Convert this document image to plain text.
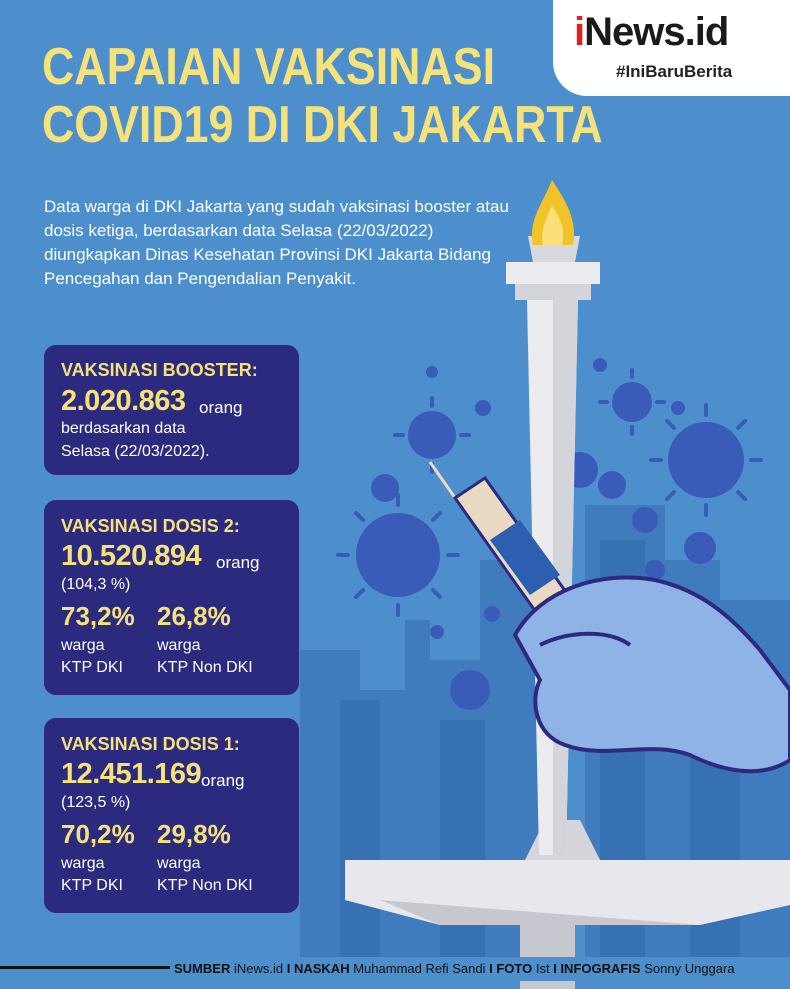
iNews.id
#IniBaruBerita
CAPAIAN VAKSINASI
COVID19 DI DKI JAKARTA

Data warga di DKI Jakarta yang sudah vaksinasi booster atau dosis ketiga, berdasarkan data Selasa (22/03/2022) diungkapkan Dinas Kesehatan Provinsi DKI Jakarta Bidang Pencegahan dan Pengendalian Penyakit.

VAKSINASI BOOSTER:
2.020.863 orang
berdasarkan data
Selasa (22/03/2022).
VAKSINASI DOSIS 2:
10.520.894 orang
(104,3 %)
73,2% 26,8%
warga
KTP DKI
warga
KTP Non DKI
VAKSINASI DOSIS 1:
12.451.169 orang
(123,5 %)
70,2% 29,8%
warga
KTP DKI
warga
KTP Non DKI
SUMBER iNews.id I NASKAH Muhammad Refi Sandi I FOTO Ist I INFOGRAFIS Sonny Unggara
